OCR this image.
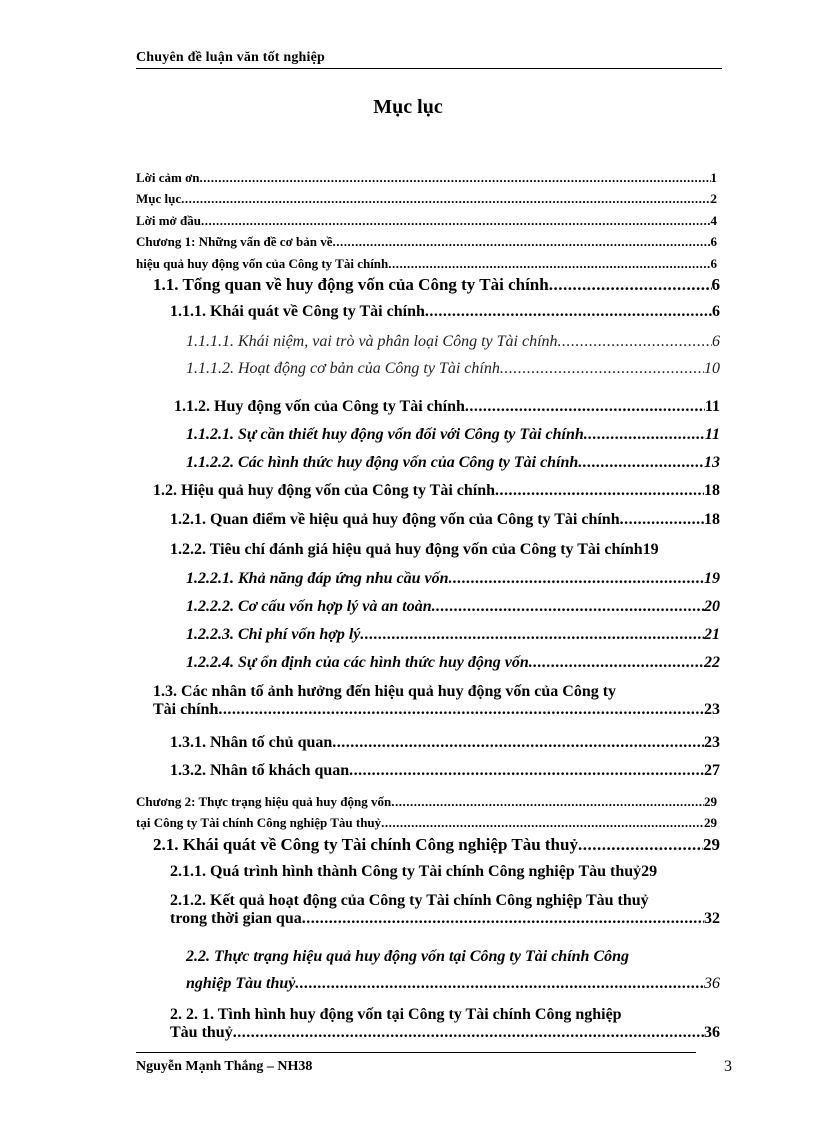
Chuyên đề luận văn tốt nghiệp
Mục lục
Lời cảm ơn .....	1
Mục lục .....	2
Lời mở đầu .....	4
Chương 1: Những vấn đề cơ bản về .....	6
hiệu quả huy động vốn của Công ty Tài chính .....	6
1.1. Tổng quan về huy động vốn của Công ty Tài chính .....	6
1.1.1. Khái quát về Công ty Tài chính .....	6
1.1.1.1. Khái niệm, vai trò và phân loại Công ty Tài chính .....	6
1.1.1.2. Hoạt động cơ bản của Công ty Tài chính .....	10
1.1.2. Huy động vốn của Công ty Tài chính .....	11
1.1.2.1. Sự cần thiết huy động vốn đối với Công ty Tài chính .....	11
1.1.2.2. Các hình thức huy động vốn của Công ty Tài chính .....	13
1.2. Hiệu quả huy động vốn của Công ty Tài chính .....	18
1.2.1. Quan điểm về hiệu quả huy động vốn của Công ty Tài chính .....	18
1.2.2. Tiêu chí đánh giá hiệu quả huy động vốn của Công ty Tài chính 19
1.2.2.1. Khả năng đáp ứng nhu cầu vốn .....	19
1.2.2.2. Cơ cấu vốn hợp lý và an toàn .....	20
1.2.2.3. Chi phí vốn hợp lý .....	21
1.2.2.4. Sự ổn định của các hình thức huy động vốn .....	22
1.3. Các nhân tố ảnh hưởng đến hiệu quả huy động vốn của Công ty
Tài chính .....	23
1.3.1. Nhân tố chủ quan .....	23
1.3.2. Nhân tố khách quan .....	27
Chương 2: Thực trạng hiệu quả huy động vốn .....	29
tại Công ty Tài chính Công nghiệp Tàu thuỷ .....	29
2.1. Khái quát về Công ty Tài chính Công nghiệp Tàu thuỷ .....	29
2.1.1. Quá trình hình thành Công ty Tài chính Công nghiệp Tàu thuỷ 29
2.1.2. Kết quả hoạt động của Công ty Tài chính Công nghiệp Tàu thuỷ
trong thời gian qua .....	32
2.2. Thực trạng hiệu quả huy động vốn tại Công ty Tài chính Công
nghiệp Tàu thuỷ .....	36
2. 2. 1. Tình hình huy động vốn tại Công ty Tài chính Công nghiệp
Tàu thuỷ .....	36
Nguyễn Mạnh Thắng – NH38	3
